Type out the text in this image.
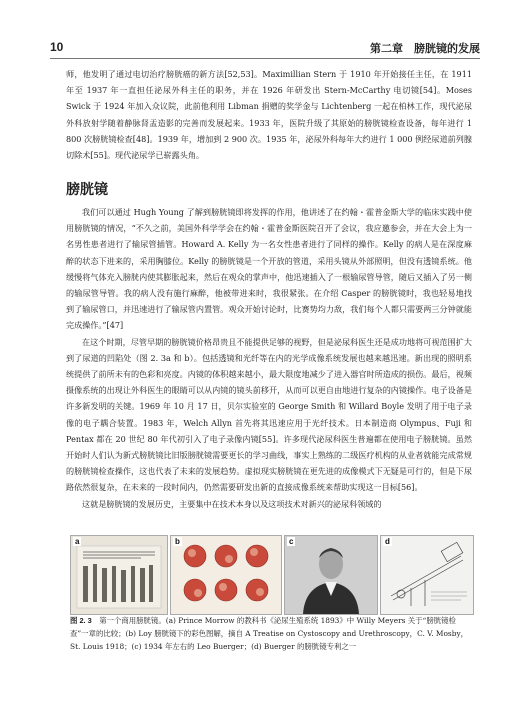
10	第二章　膀胱镜的发展

师，他发明了通过电切治疗膀胱癌的新方法[52,53]。Maximillian Stern 于 1910 年开始接任主任，在 1911 年至 1937 年一直担任泌尿外科主任的职务，并在 1926 年研发出 Stern-McCarthy 电切镜[54]。Moses Swick 于 1924 年加入众议院，此前他利用 Libman 捐赠的奖学金与 Lichtenberg 一起在柏林工作，现代泌尿外科放射学随着静脉肾盂造影的完善而发展起来。1933 年，医院升级了其原始的膀胱镜检查设备，每年进行 1 800 次膀胱镜检查[48]。1939 年，增加到 2 900 次。1935 年，泌尿外科每年大约进行 1 000 例经尿道前列腺切除术[55]。现代泌尿学已崭露头角。

膀胱镜

我们可以通过 Hugh Young 了解到膀胱镜即将发挥的作用，他讲述了在约翰・霍普金斯大学的临床实践中使用膀胱镜的情况，“不久之前，美国外科学学会在约翰・霍普金斯医院召开了会议，我应邀参会，并在大会上为一名男性患者进行了输尿管插管。Howard A. Kelly 为一名女性患者进行了同样的操作。Kelly 的病人是在深度麻醉的状态下进来的，采用胸膝位。Kelly 的膀胱镜是一个开放的管道，采用头镜从外部照明，但没有透镜系统。他缓慢将气体充入膀胱内使其膨胀起来，然后在观众的掌声中，他迅速插入了一根输尿管导管，随后又插入了另一侧的输尿管导管。我的病人没有施行麻醉，他被带进来时，我很紧张。在介绍 Casper 的膀胱镜时，我也轻易地找到了输尿管口，并迅速进行了输尿管内置管。观众开始讨论时，比赛势均力敌，我们每个人都只需要两三分钟就能完成操作。”[47]

在这个时期，尽管早期的膀胱镜价格昂贵且不能提供足够的视野，但是泌尿科医生还是成功地将可视范围扩大到了尿道的凹陷处（图 2. 3a 和 b）。包括透镜和光纤等在内的光学成像系统发展也越来越迅速。新出现的照明系统提供了前所未有的色彩和亮度。内镜的体积越来越小，最大限度地减少了进入器官时所造成的损伤。最后，视频摄像系统的出现让外科医生的眼睛可以从内镜的镜头前移开，从而可以更自由地进行复杂的内镜操作。电子设备是许多新发明的关键。1969 年 10 月 17 日，贝尔实验室的 George Smith 和 Willard Boyle 发明了用于电子录像的电子耦合装置。1983 年，Welch Allyn 首先将其迅速应用于光纤技术。日本制造商 Olympus、Fuji 和 Pentax 都在 20 世纪 80 年代初引入了电子录像内镜[55]。许多现代泌尿科医生普遍都在使用电子膀胱镜。虽然开始时人们认为新式膀胱镜比旧版膀胱镜需要更长的学习曲线，事实上熟练的二级医疗机构的从业者就能完成常规的膀胱镜检查操作，这也代表了未来的发展趋势。虚拟现实膀胱镜在更先进的成像模式下无疑是可行的，但是下尿路依然很复杂，在未来的一段时间内，仍然需要研发出新的直接成像系统来帮助实现这一目标[56]。

这就是膀胱镜的发展历史，主要集中在技术本身以及这项技术对新兴的泌尿科领域的

a	b	c	d

图 2. 3　 第一个商用膀胱镜。(a) Prince Morrow 的教科书《泌尿生殖系统 1893》中 Willy Meyers 关于“膀胱镜检查”一章的比较；(b) Loy 膀胱镜下的彩色图解，摘自 A Treatise on Cystoscopy and Urethroscopy，C. V. Mosby，St. Louis 1918；(c) 1934 年左右的 Leo Buerger；(d) Buerger 的膀胱镜专利之一
